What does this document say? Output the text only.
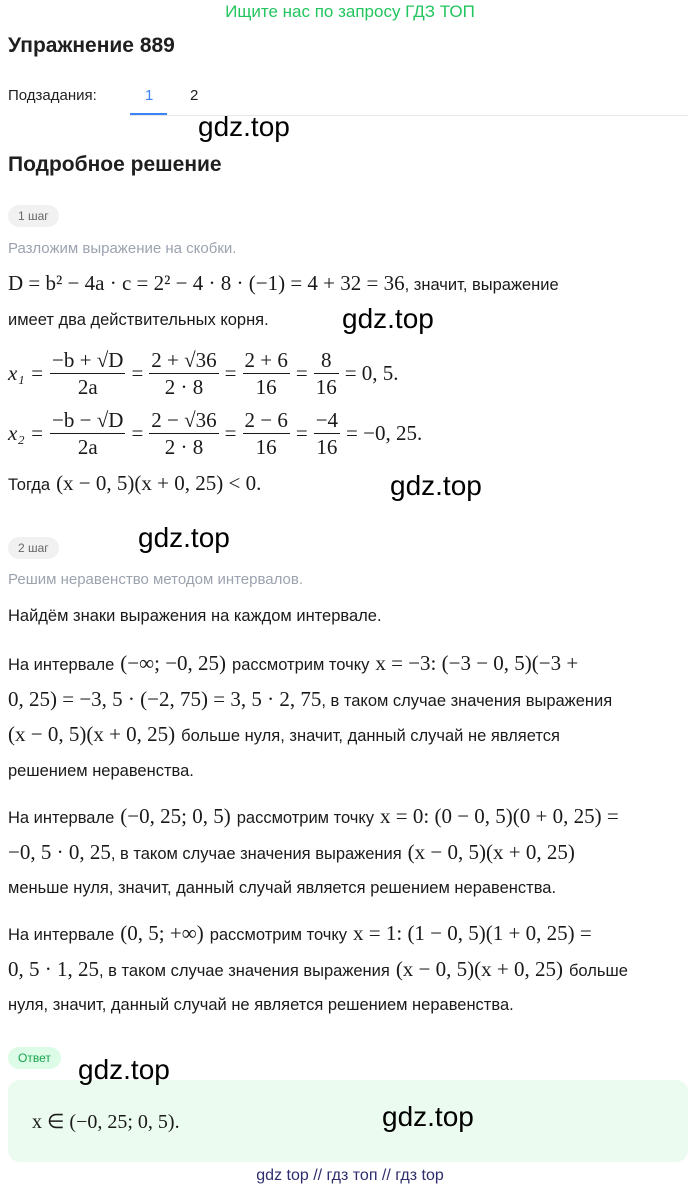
Ищите нас по запросу ГДЗ ТОП
Упражнение 889
Подзадания:	1 2
gdz.top
Подробное решение
1 шаг
Разложим выражение на скобки.
D = b² − 4a · c = 2² − 4 · 8 · (−1) = 4 + 32 = 36 , значит, выражение
имеет два действительных корня.	gdz.top
$x_1 = \frac{-b + √D}{2a} = \frac{2 + √36}{2 \cdot 8} = \frac{2 + 6}{16} = \frac{8}{16} = 0$, 5.
$x_2 = \frac{-b - √D}{2a} = \frac{2 - √36}{2 \cdot 8} = \frac{2 - 6}{16} = \frac{-4}{16} = -0$, 25.
Тогда (x − 0, 5)(x + 0, 25) < 0.	gdz.top
gdz.top
2 шаг
Решим неравенство методом интервалов.
Найдём знаки выражения на каждом интервале.
На интервале (−∞; −0, 25) рассмотрим точку x = −3: (−3 − 0, 5)(−3 +
0, 25) = −3, 5 · (−2, 75) = 3, 5 · 2, 75 , в таком случае значения выражения
(x − 0, 5)(x + 0, 25) больше нуля, значит, данный случай не является
решением неравенства.
На интервале (−0, 25; 0, 5) рассмотрим точку x = 0: (0 − 0, 5)(0 + 0, 25) =
−0, 5 · 0, 25 , в таком случае значения выражения (x − 0, 5)(x + 0, 25)
меньше нуля, значит, данный случай является решением неравенства.
На интервале (0, 5; +∞) рассмотрим точку x = 1: (1 − 0, 5)(1 + 0, 25) =
0, 5 · 1, 25 , в таком случае значения выражения (x − 0, 5)(x + 0, 25) больше
нуля, значит, данный случай не является решением неравенства.
Ответ
x ∈ (−0, 25; 0, 5).
gdz.top
gdz.top
gdz top // гдз топ // гдз top
